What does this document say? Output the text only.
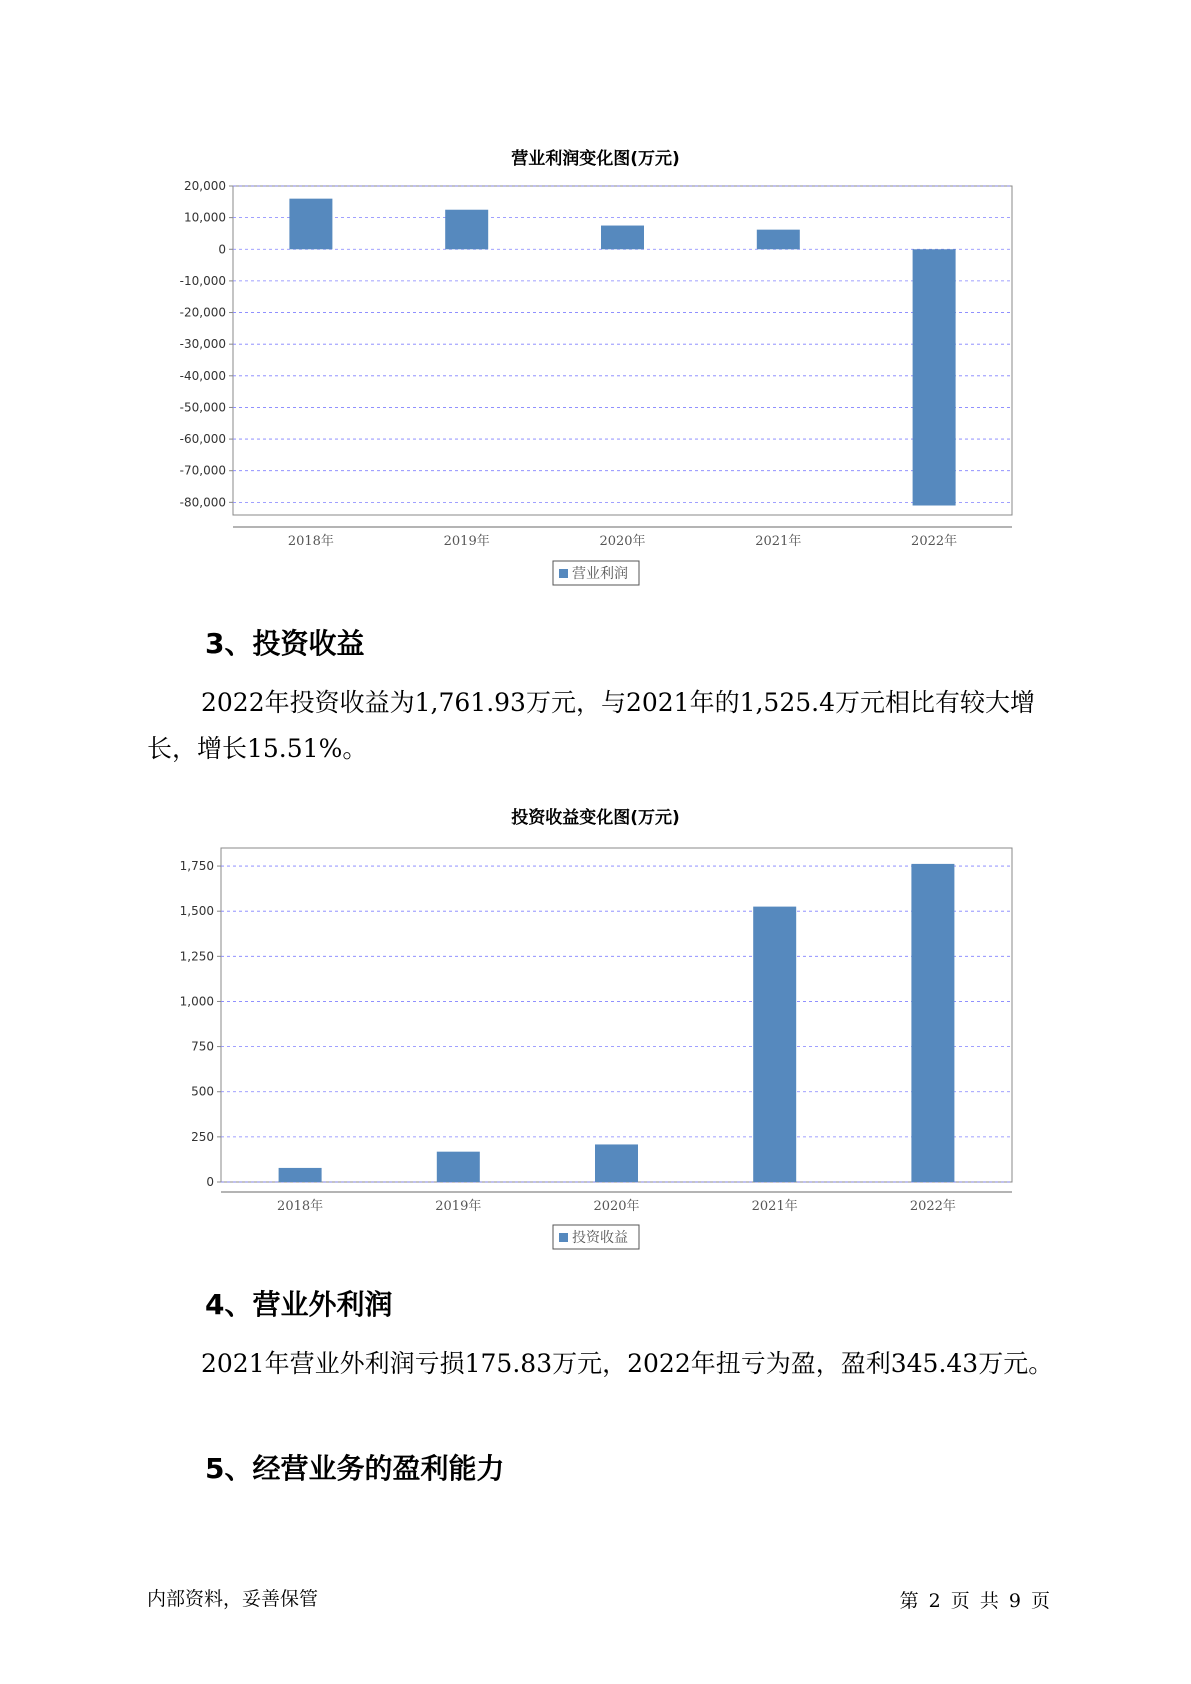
营业利润变化图(万元)
20,000
10,000
0
-10,000
-20,000
-30,000
-40,000
-50,000
-60,000
-70,000
-80,000
2018年	2019年	2020年	2021年	2022年
营业利润
3、投资收益

2022年投资收益为1,761.93万元，与2021年的1,525.4万元相比有较大增长，增长15.51%。

投资收益变化图(万元)
1,750
1,500
1,250
1,000
750
500
250
0
2018年	2019年	2020年	2021年	2022年
投资收益
4、营业外利润

2021年营业外利润亏损175.83万元，2022年扭亏为盈，盈利345.43万元。

5、经营业务的盈利能力
内部资料，妥善保管	第 2 页 共 9 页
